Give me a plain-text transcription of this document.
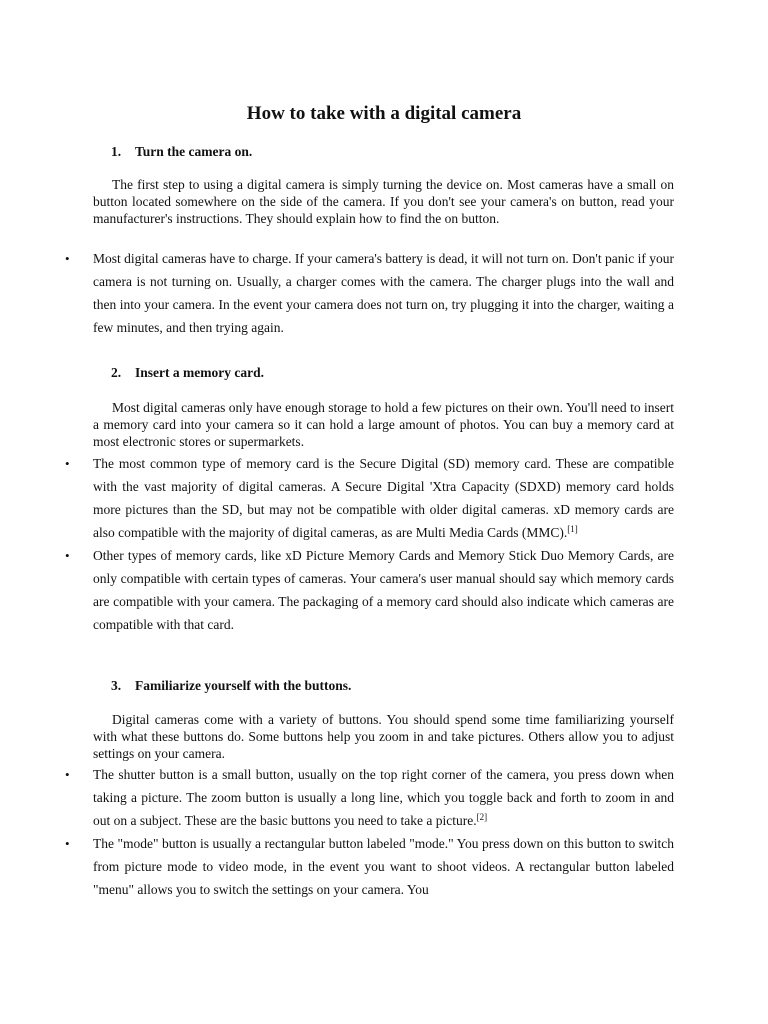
How to take with a digital camera
1. Turn the camera on.

The first step to using a digital camera is simply turning the device on. Most cameras have a small on button located somewhere on the side of the camera. If you don't see your camera's on button, read your manufacturer's instructions. They should explain how to find the on button.

• Most digital cameras have to charge. If your camera's battery is dead, it will not turn on. Don't panic if your camera is not turning on. Usually, a charger comes with the camera. The charger plugs into the wall and then into your camera. In the event your camera does not turn on, try plugging it into the charger, waiting a few minutes, and then trying again.
2. Insert a memory card.

Most digital cameras only have enough storage to hold a few pictures on their own. You'll need to insert a memory card into your camera so it can hold a large amount of photos. You can buy a memory card at most electronic stores or supermarkets.

• The most common type of memory card is the Secure Digital (SD) memory card. These are compatible with the vast majority of digital cameras. A Secure Digital 'Xtra Capacity (SDXD) memory card holds more pictures than the SD, but may not be compatible with older digital cameras. xD memory cards are also compatible with the majority of digital cameras, as are Multi Media Cards (MMC).[1]
• Other types of memory cards, like xD Picture Memory Cards and Memory Stick Duo Memory Cards, are only compatible with certain types of cameras. Your camera's user manual should say which memory cards are compatible with your camera. The packaging of a memory card should also indicate which cameras are compatible with that card.
3. Familiarize yourself with the buttons.

Digital cameras come with a variety of buttons. You should spend some time familiarizing yourself with what these buttons do. Some buttons help you zoom in and take pictures. Others allow you to adjust settings on your camera.

• The shutter button is a small button, usually on the top right corner of the camera, you press down when taking a picture. The zoom button is usually a long line, which you toggle back and forth to zoom in and out on a subject. These are the basic buttons you need to take a picture.[2]
• The "mode" button is usually a rectangular button labeled "mode." You press down on this button to switch from picture mode to video mode, in the event you want to shoot videos. A rectangular button labeled "menu" allows you to switch the settings on your camera. You
